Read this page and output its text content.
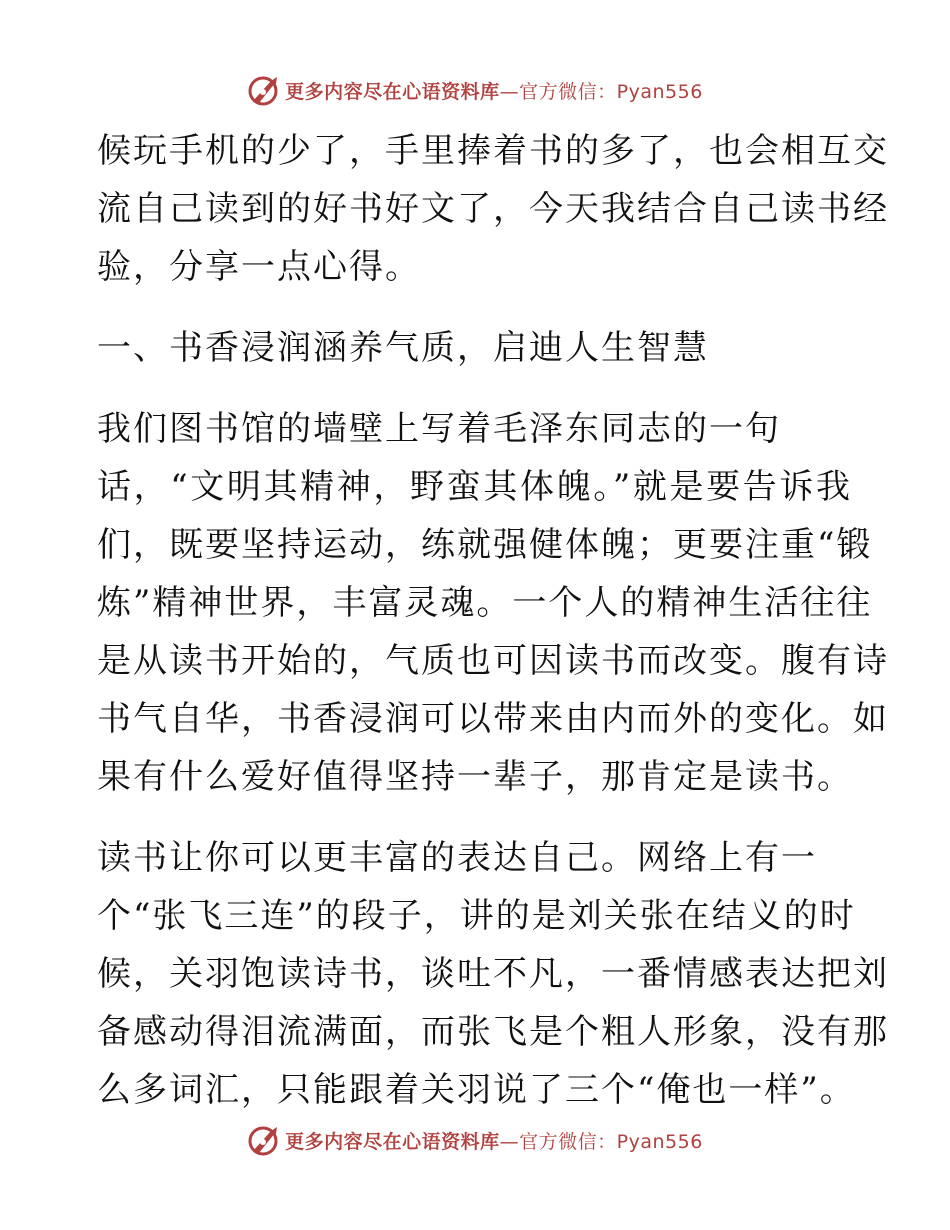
更多内容尽在心语资料库—官方微信：Pyan556
候玩手机的少了，手里捧着书的多了，也会相互交
流自己读到的好书好文了，今天我结合自己读书经
验，分享一点心得。
一、书香浸润涵养气质，启迪人生智慧
我们图书馆的墙壁上写着毛泽东同志的一句
话，“文明其精神，野蛮其体魄。”就是要告诉我
们，既要坚持运动，练就强健体魄；更要注重“锻
炼”精神世界，丰富灵魂。一个人的精神生活往往
是从读书开始的，气质也可因读书而改变。腹有诗
书气自华，书香浸润可以带来由内而外的变化。如
果有什么爱好值得坚持一辈子，那肯定是读书。
读书让你可以更丰富的表达自己。网络上有一
个“张飞三连”的段子，讲的是刘关张在结义的时
候，关羽饱读诗书，谈吐不凡，一番情感表达把刘
备感动得泪流满面，而张飞是个粗人形象，没有那
么多词汇，只能跟着关羽说了三个“俺也一样”。
更多内容尽在心语资料库—官方微信：Pyan556
